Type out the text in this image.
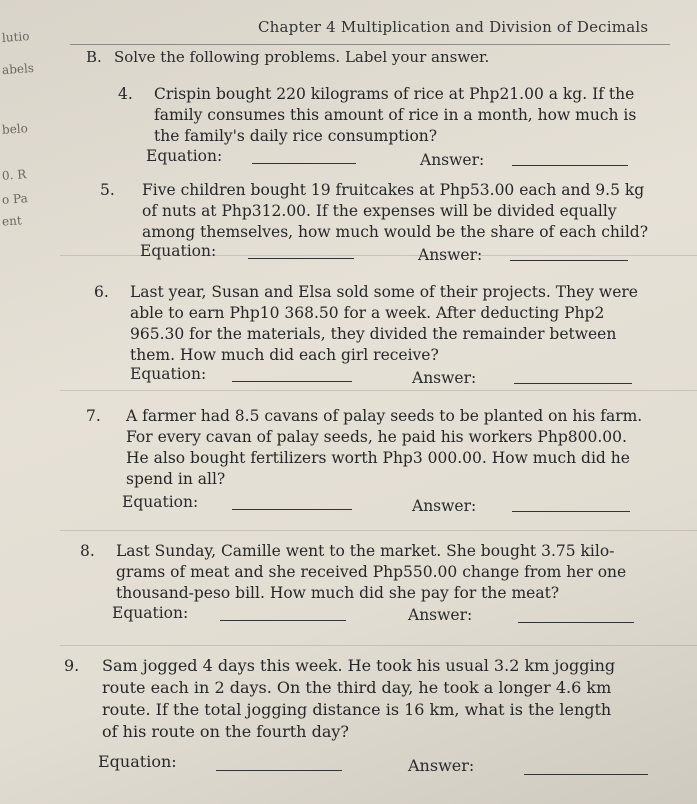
lutio
abels
belo
0. R
o Pa
ent
Chapter 4 Multiplication and Division of Decimals
B. Solve the following problems. Label your answer.
4. Crispin bought 220 kilograms of rice at Php21.00 a kg. If the
family consumes this amount of rice in a month, how much is
the family's daily rice consumption?
Equation:	Answer:
5. Five children bought 19 fruitcakes at Php53.00 each and 9.5 kg
of nuts at Php312.00. If the expenses will be divided equally
among themselves, how much would be the share of each child?
Equation:	Answer:
6. Last year, Susan and Elsa sold some of their projects. They were
able to earn Php10 368.50 for a week. After deducting Php2
965.30 for the materials, they divided the remainder between
them. How much did each girl receive?
Equation:	Answer:
7. A farmer had 8.5 cavans of palay seeds to be planted on his farm.
For every cavan of palay seeds, he paid his workers Php800.00.
He also bought fertilizers worth Php3 000.00. How much did he
spend in all?
Equation:	Answer:
8. Last Sunday, Camille went to the market. She bought 3.75 kilo-
grams of meat and she received Php550.00 change from her one
thousand-peso bill. How much did she pay for the meat?
Equation:	Answer:
9. Sam jogged 4 days this week. He took his usual 3.2 km jogging
route each in 2 days. On the third day, he took a longer 4.6 km
route. If the total jogging distance is 16 km, what is the length
of his route on the fourth day?
Equation:	Answer:
